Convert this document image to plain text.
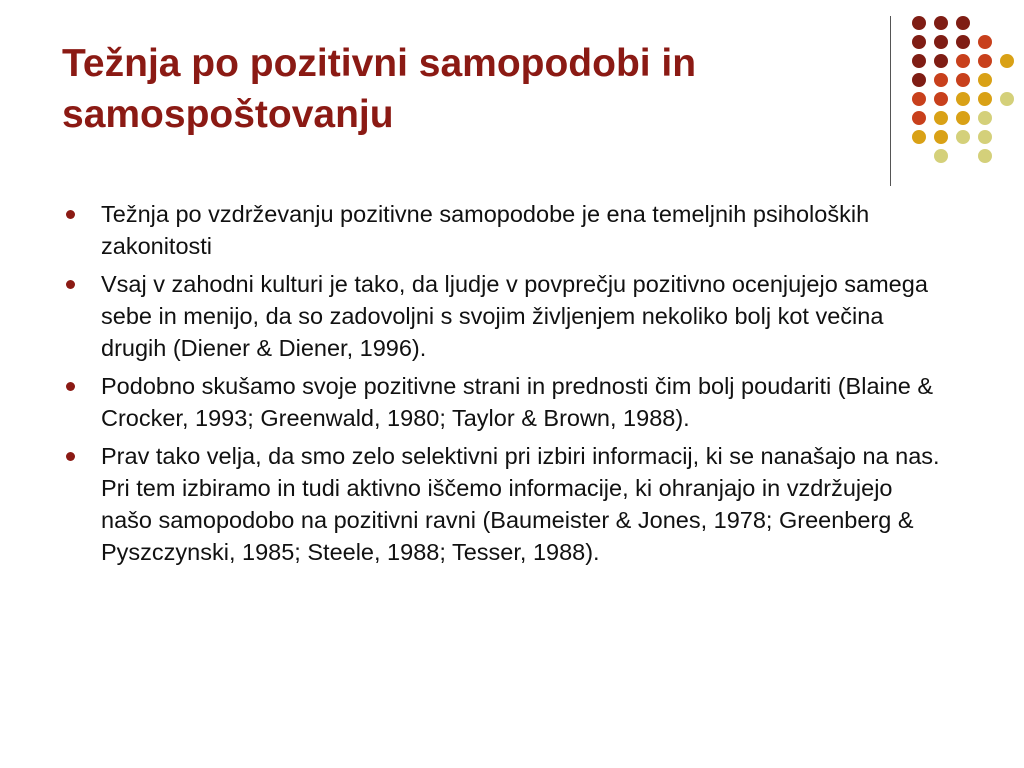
Težnja po pozitivni samopodobi in samospoštovanju
Težnja po vzdrževanju pozitivne samopodobe je ena temeljnih psiholoških zakonitosti
Vsaj v zahodni kulturi je tako, da ljudje v povprečju pozitivno ocenjujejo samega sebe in menijo, da so zadovoljni s svojim življenjem nekoliko bolj kot večina drugih (Diener & Diener, 1996).
Podobno skušamo svoje pozitivne strani in prednosti čim bolj poudariti (Blaine & Crocker, 1993; Greenwald, 1980; Taylor & Brown, 1988).
Prav tako velja, da smo zelo selektivni pri izbiri informacij, ki se nanašajo na nas. Pri tem izbiramo in tudi aktivno iščemo informacije, ki ohranjajo in vzdržujejo našo samopodobo na pozitivni ravni (Baumeister & Jones, 1978; Greenberg & Pyszczynski, 1985; Steele, 1988; Tesser, 1988).
